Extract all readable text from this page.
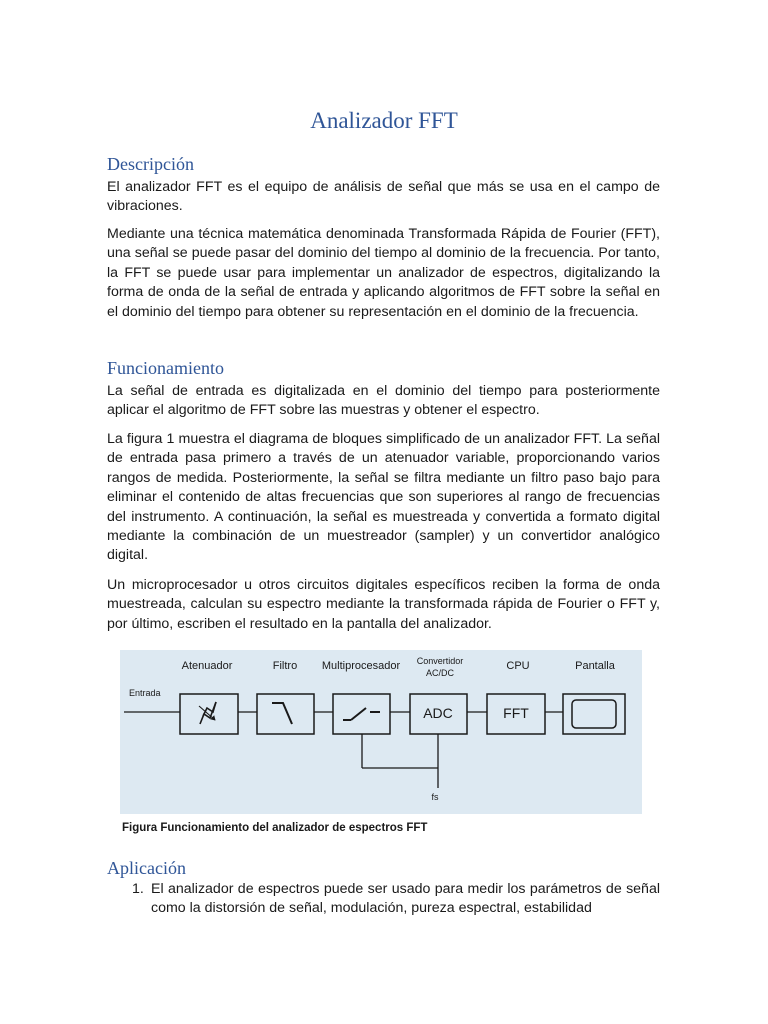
Analizador FFT
Descripción

El analizador FFT es el equipo de análisis de señal que más se usa en el campo de vibraciones.

Mediante una técnica matemática denominada Transformada Rápida de Fourier (FFT), una señal se puede pasar del dominio del tiempo al dominio de la frecuencia. Por tanto, la FFT se puede usar para implementar un analizador de espectros, digitalizando la forma de onda de la señal de entrada y aplicando algoritmos de FFT sobre la señal en el dominio del tiempo para obtener su representación en el dominio de la frecuencia.

Funcionamiento

La señal de entrada es digitalizada en el dominio del tiempo para posteriormente aplicar el algoritmo de FFT sobre las muestras y obtener el espectro.

La figura 1 muestra el diagrama de bloques simplificado de un analizador FFT. La señal de entrada pasa primero a través de un atenuador variable, proporcionando varios rangos de medida. Posteriormente, la señal se filtra mediante un filtro paso bajo para eliminar el contenido de altas frecuencias que son superiores al rango de frecuencias del instrumento. A continuación, la señal es muestreada y convertida a formato digital mediante la combinación de un muestreador (sampler) y un convertidor analógico digital.

Un microprocesador u otros circuitos digitales específicos reciben la forma de onda muestreada, calculan su espectro mediante la transformada rápida de Fourier o FFT y, por último, escriben el resultado en la pantalla del analizador.

Atenuador	Filtro Multiprocesador Convertidor
AC/DC
CPU	Pantalla
Entrada
ADC	FFT
fs
Figura Funcionamiento del analizador de espectros FFT
Aplicación
1. El analizador de espectros puede ser usado para medir los parámetros de señal como la distorsión de señal, modulación, pureza espectral, estabilidad
